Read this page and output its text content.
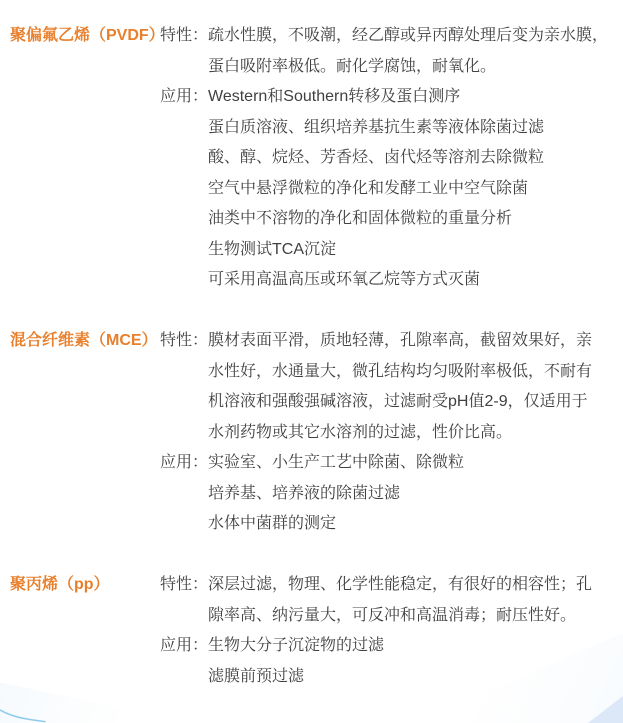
聚偏氟乙烯（PVDF）
特性： 疏水性膜，不吸潮，经乙醇或异丙醇处理后变为亲水膜，
蛋白吸附率极低。耐化学腐蚀，耐氧化。
应用： Western和Southern转移及蛋白测序
蛋白质溶液、组织培养基抗生素等液体除菌过滤
酸、醇、烷烃、芳香烃、卤代烃等溶剂去除微粒
空气中悬浮微粒的净化和发酵工业中空气除菌
油类中不溶物的净化和固体微粒的重量分析
生物测试TCA沉淀
可采用高温高压或环氧乙烷等方式灭菌
混合纤维素（MCE） 特性： 膜材表面平滑，质地轻薄，孔隙率高，截留效果好，亲
水性好，水通量大，微孔结构均匀吸附率极低，不耐有
机溶液和强酸强碱溶液，过滤耐受pH值2-9，仅适用于
水剂药物或其它水溶剂的过滤，性价比高。
应用： 实验室、小生产工艺中除菌、除微粒
培养基、培养液的除菌过滤
水体中菌群的测定
聚丙烯（pp）	特性： 深层过滤，物理、化学性能稳定，有很好的相容性；孔
隙率高、纳污量大，可反冲和高温消毒；耐压性好。
应用： 生物大分子沉淀物的过滤
滤膜前预过滤
